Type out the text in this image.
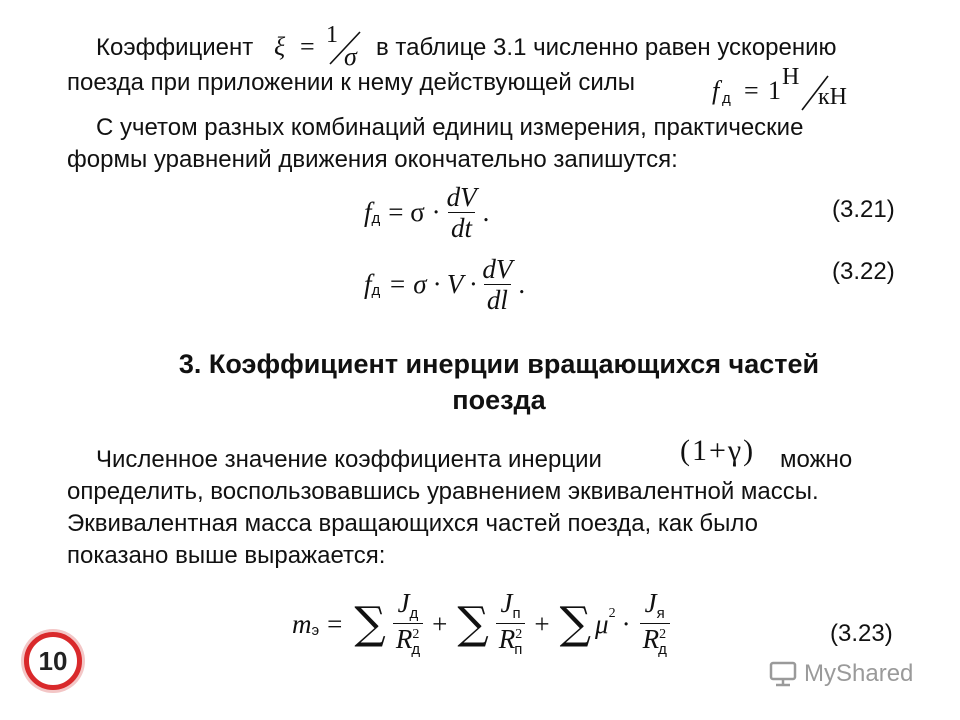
Коэффициент ξ = 1
σ в таблице 3.1 численно равен ускорению
поезда при приложении к нему действующей силы	f д = 1 Н
кН
С учетом разных комбинаций единиц измерения, практические
формы уравнений движения окончательно запишутся:
f $д = \sigma \cdot \frac{dV}{dt}$ .	(3.21)
f $д = \sigma \cdot V \cdot \frac{dV}{dl}$ .	(3.22)
3. Коэффициент инерции вращающихся частей
поезда
Численное значение коэффициента инерции	(1+γ) можно
определить, воспользовавшись уравнением эквивалентной массы.
Эквивалентная масса вращающихся частей поезда, как было
показано выше выражается:
m э = ∑ $\frac{J_д}{R^2_д}$ + ∑ $\frac{J_п}{R^2_п}$ + ∑ μ $2 \cdot \frac{J_я}{R^2_д}$	(3.23)
10	MyShared
